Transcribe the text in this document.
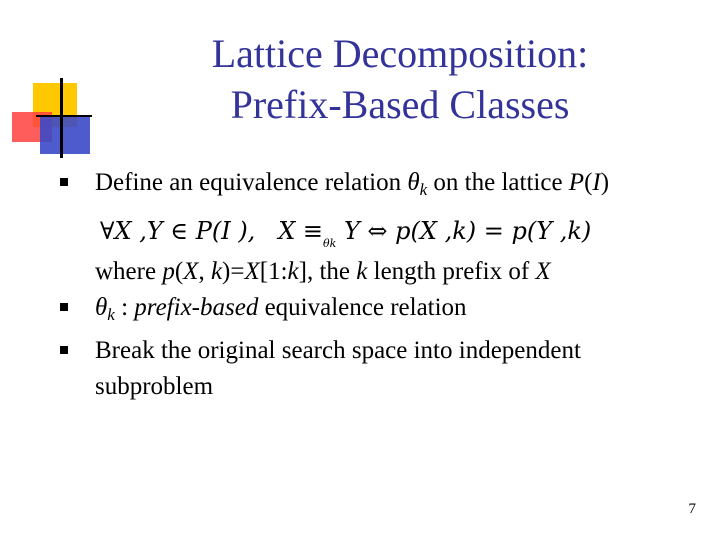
Lattice Decomposition:
Prefix-Based Classes
Define an equivalence relation $\theta_k$ on the lattice P(I)
∀X ,Y ∈ P(I ), $X \equiv_{\theta k}$ Y ⇔ p(X ,k) = p(Y ,k)
where p(X, k)=X[1:k], the k length prefix of X
$\theta_k$ : prefix-based equivalence relation
Break the original search space into independent
subproblem
7
